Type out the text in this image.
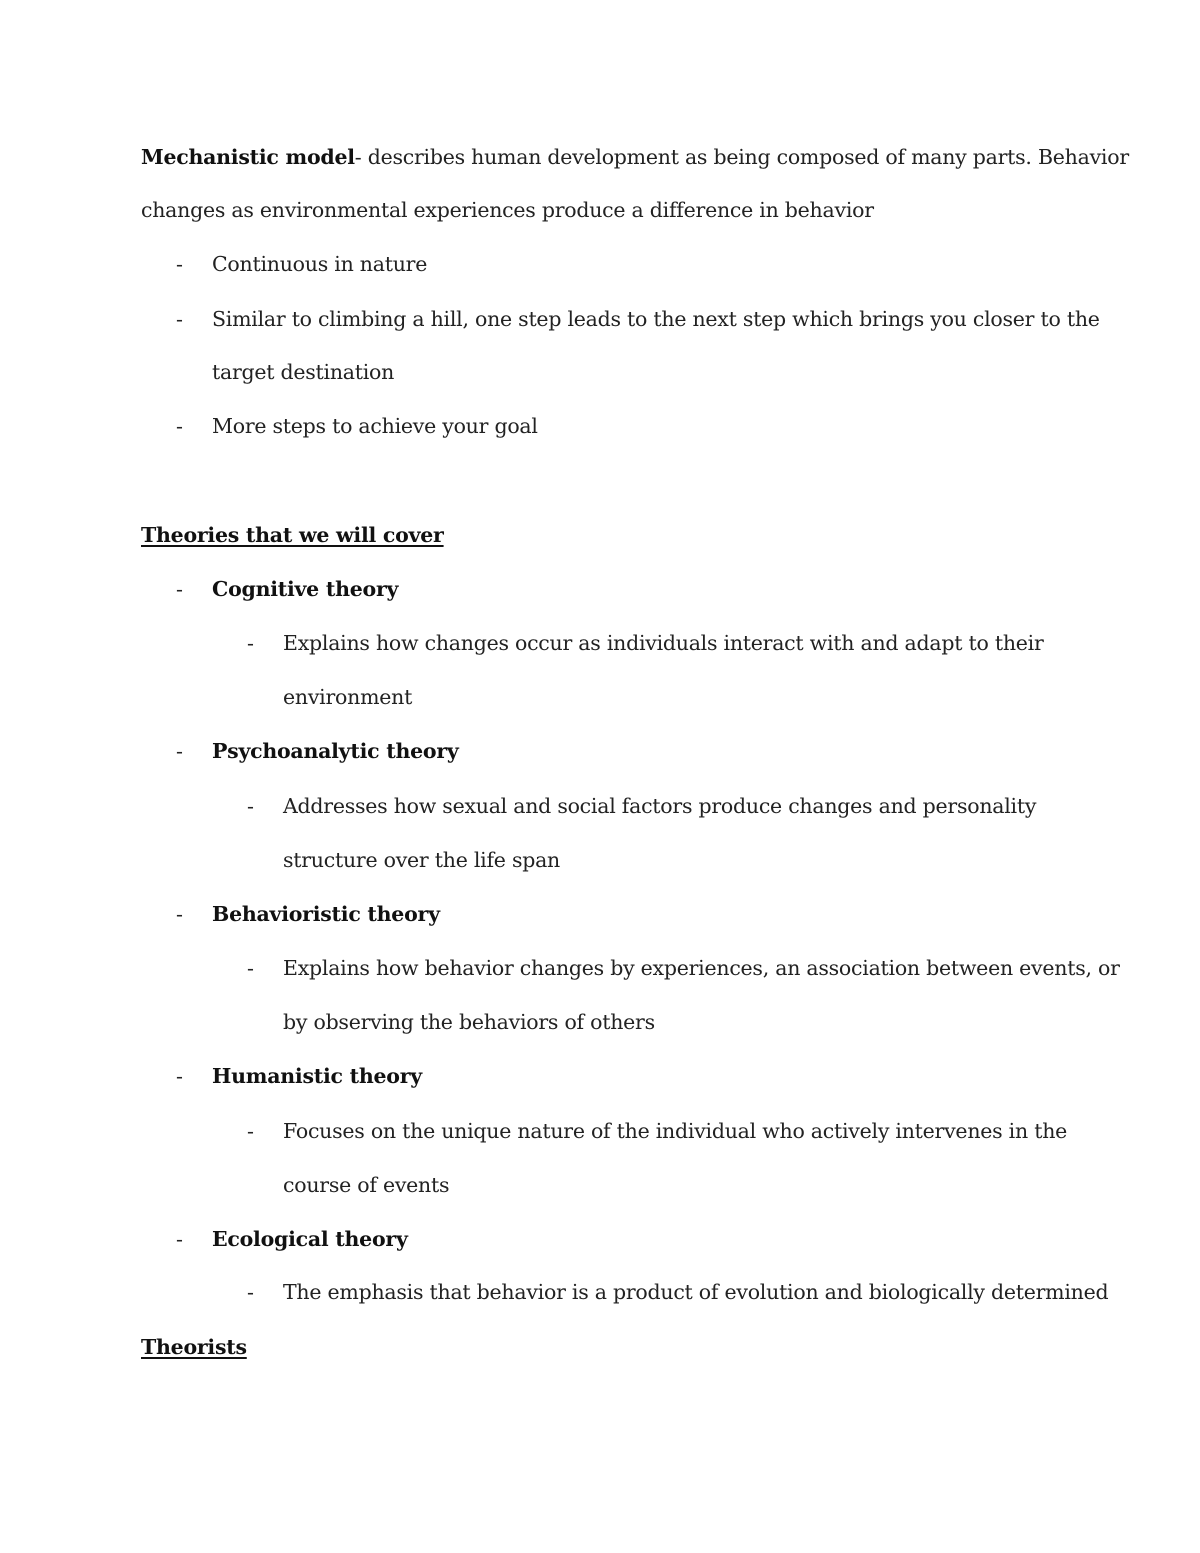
Mechanistic model- describes human development as being composed of many parts. Behavior
changes as environmental experiences produce a difference in behavior
- Continuous in nature
- Similar to climbing a hill, one step leads to the next step which brings you closer to the
target destination
- More steps to achieve your goal
Theories that we will cover
- Cognitive theory
- Explains how changes occur as individuals interact with and adapt to their
environment
- Psychoanalytic theory
- Addresses how sexual and social factors produce changes and personality
structure over the life span
- Behavioristic theory
- Explains how behavior changes by experiences, an association between events, or
by observing the behaviors of others
- Humanistic theory
- Focuses on the unique nature of the individual who actively intervenes in the
course of events
- Ecological theory
- The emphasis that behavior is a product of evolution and biologically determined
Theorists
